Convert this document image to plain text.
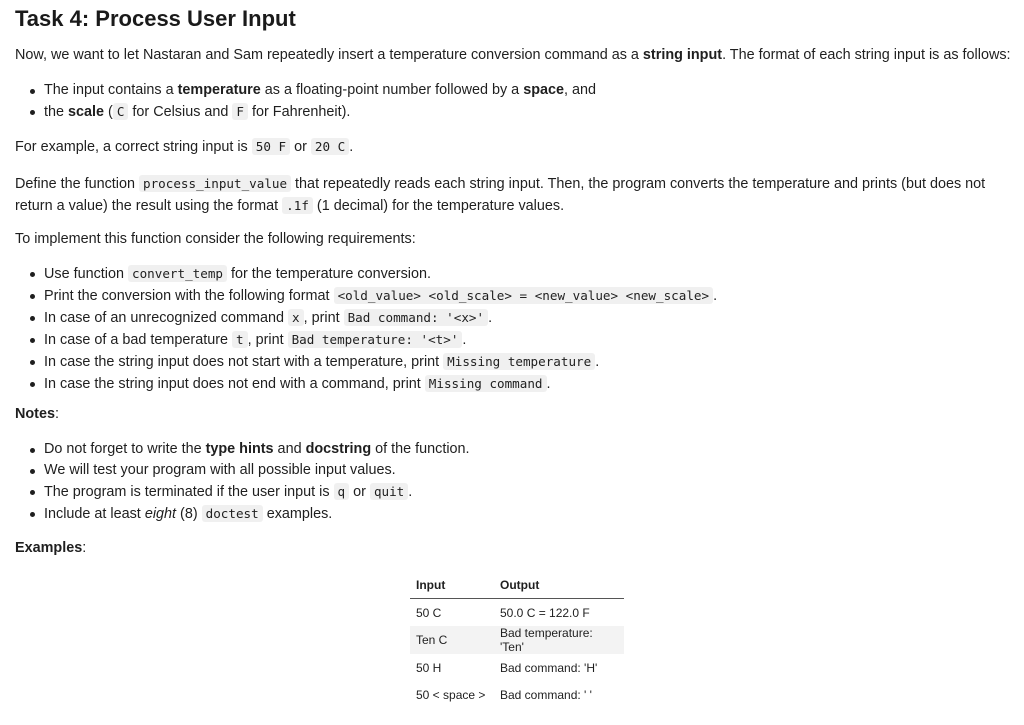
Task 4: Process User Input

Now, we want to let Nastaran and Sam repeatedly insert a temperature conversion command as a string input. The format of each string input is as follows:

The input contains a temperature as a floating-point number followed by a space, and
the scale ( C for Celsius and F for Fahrenheit).

For example, a correct string input is 50 F or 20 C .

Define the function process_input_value that repeatedly reads each string input. Then, the program converts the temperature and prints (but does not
return a value) the result using the format .1f (1 decimal) for the temperature values.

To implement this function consider the following requirements:

Use function convert_temp for the temperature conversion.
Print the conversion with the following format <old_value> <old_scale> = <new_value> <new_scale> .
In case of an unrecognized command x , print Bad command: '<x>' .
In case of a bad temperature t , print Bad temperature: '<t>' .
In case the string input does not start with a temperature, print Missing temperature .
In case the string input does not end with a command, print Missing command .

Notes:

Do not forget to write the type hints and docstring of the function.
We will test your program with all possible input values.
The program is terminated if the user input is q or quit .
Include at least eight (8) doctest examples.

Examples:

Input	Output
50 C	50.0 C = 122.0 F
Ten C	Bad temperature: 'Ten'
50 H	Bad command: 'H'
50 < space >	Bad command: ' '
